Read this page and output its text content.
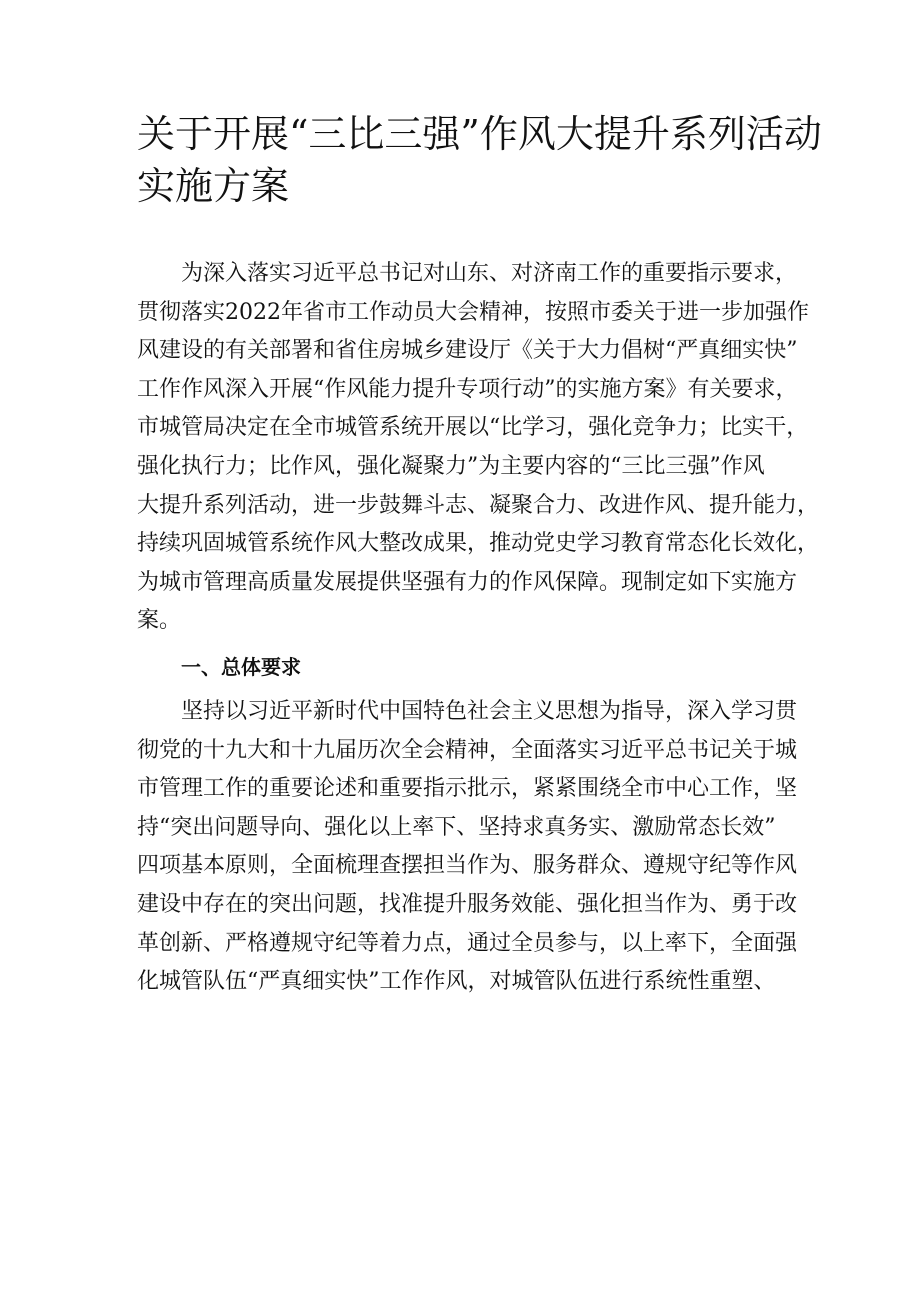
关于开展“三比三强”作风大提升系列活动
实施方案
为深入落实习近平总书记对山东、对济南工作的重要指示要求，
贯彻落实2022年省市工作动员大会精神，按照市委关于进一步加强作
风建设的有关部署和省住房城乡建设厅《关于大力倡树“严真细实快”
工作作风深入开展“作风能力提升专项行动”的实施方案》有关要求，
市城管局决定在全市城管系统开展以“比学习，强化竞争力；比实干，
强化执行力；比作风，强化凝聚力”为主要内容的“三比三强”作风
大提升系列活动，进一步鼓舞斗志、凝聚合力、改进作风、提升能力，
持续巩固城管系统作风大整改成果，推动党史学习教育常态化长效化，
为城市管理高质量发展提供坚强有力的作风保障。现制定如下实施方
案。
一、总体要求
坚持以习近平新时代中国特色社会主义思想为指导，深入学习贯
彻党的十九大和十九届历次全会精神，全面落实习近平总书记关于城
市管理工作的重要论述和重要指示批示，紧紧围绕全市中心工作，坚
持“突出问题导向、强化以上率下、坚持求真务实、激励常态长效”
四项基本原则，全面梳理查摆担当作为、服务群众、遵规守纪等作风
建设中存在的突出问题，找准提升服务效能、强化担当作为、勇于改
革创新、严格遵规守纪等着力点，通过全员参与，以上率下，全面强
化城管队伍“严真细实快”工作作风，对城管队伍进行系统性重塑、
